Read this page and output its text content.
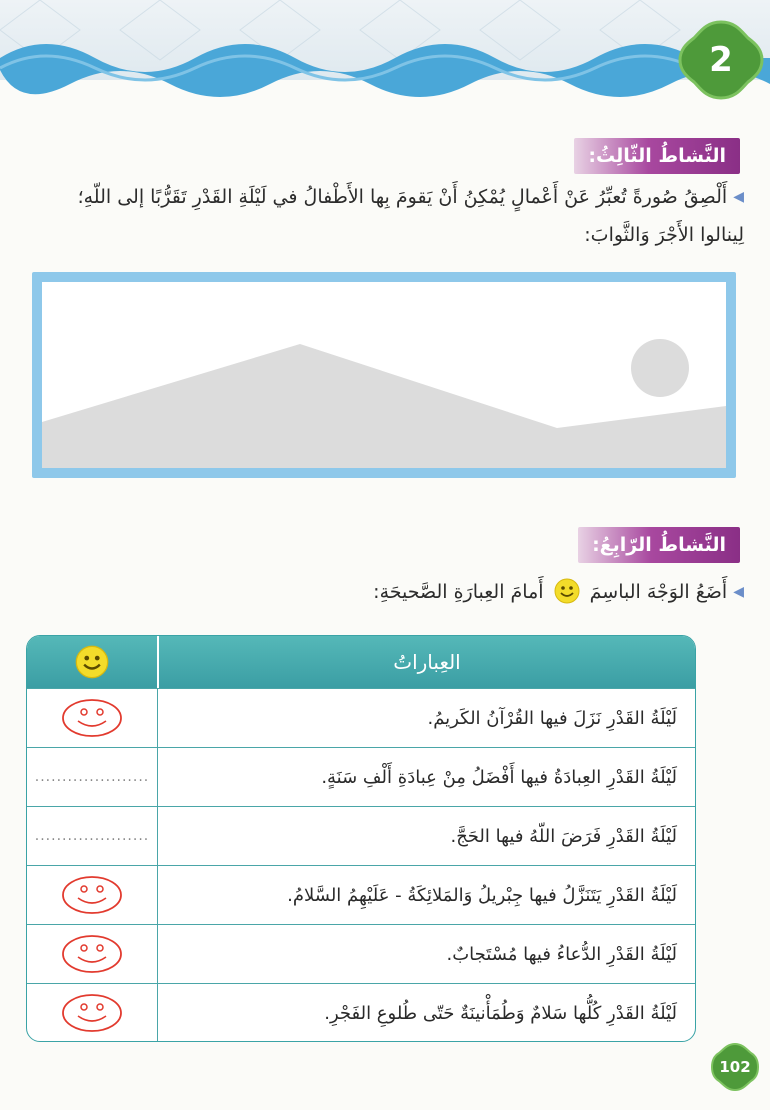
2
النَّشاطُ الثّالِثُ:
◀أَلْصِقُ صُورةً تُعبِّرُ عَنْ أَعْمالٍ يُمْكِنُ أَنْ يَقومَ بِها الأَطْفالُ في لَيْلَةِ القَدْرِ تَقَرُّبًا إلى اللّهِ؛ لِينالوا الأَجْرَ وَالثَّوابَ:
النَّشاطُ الرّابِعُ:
◀أَضَعُ الوَجْهَ الباسِمَ  أَمامَ العِبارَةِ الصَّحيحَةِ:
العِباراتُ
لَيْلَةُ القَدْرِ نَزَلَ فيها القُرْآنُ الكَريمُ.
لَيْلَةُ القَدْرِ العِبادَةُ فيها أَفْضَلُ مِنْ عِبادَةِ أَلْفِ سَنَةٍ.
.....................
لَيْلَةُ القَدْرِ فَرَضَ اللّهُ فيها الحَجَّ.
.....................
لَيْلَةُ القَدْرِ يَتَنَزَّلُ فيها جِبْريلُ وَالمَلائِكَةُ - عَلَيْهِمُ السَّلامُ.
لَيْلَةُ القَدْرِ الدُّعاءُ فيها مُسْتَجابٌ.
لَيْلَةُ القَدْرِ كُلُّها سَلامٌ وَطُمَأْنينَةٌ حَتّى طُلوعِ الفَجْرِ.
102
